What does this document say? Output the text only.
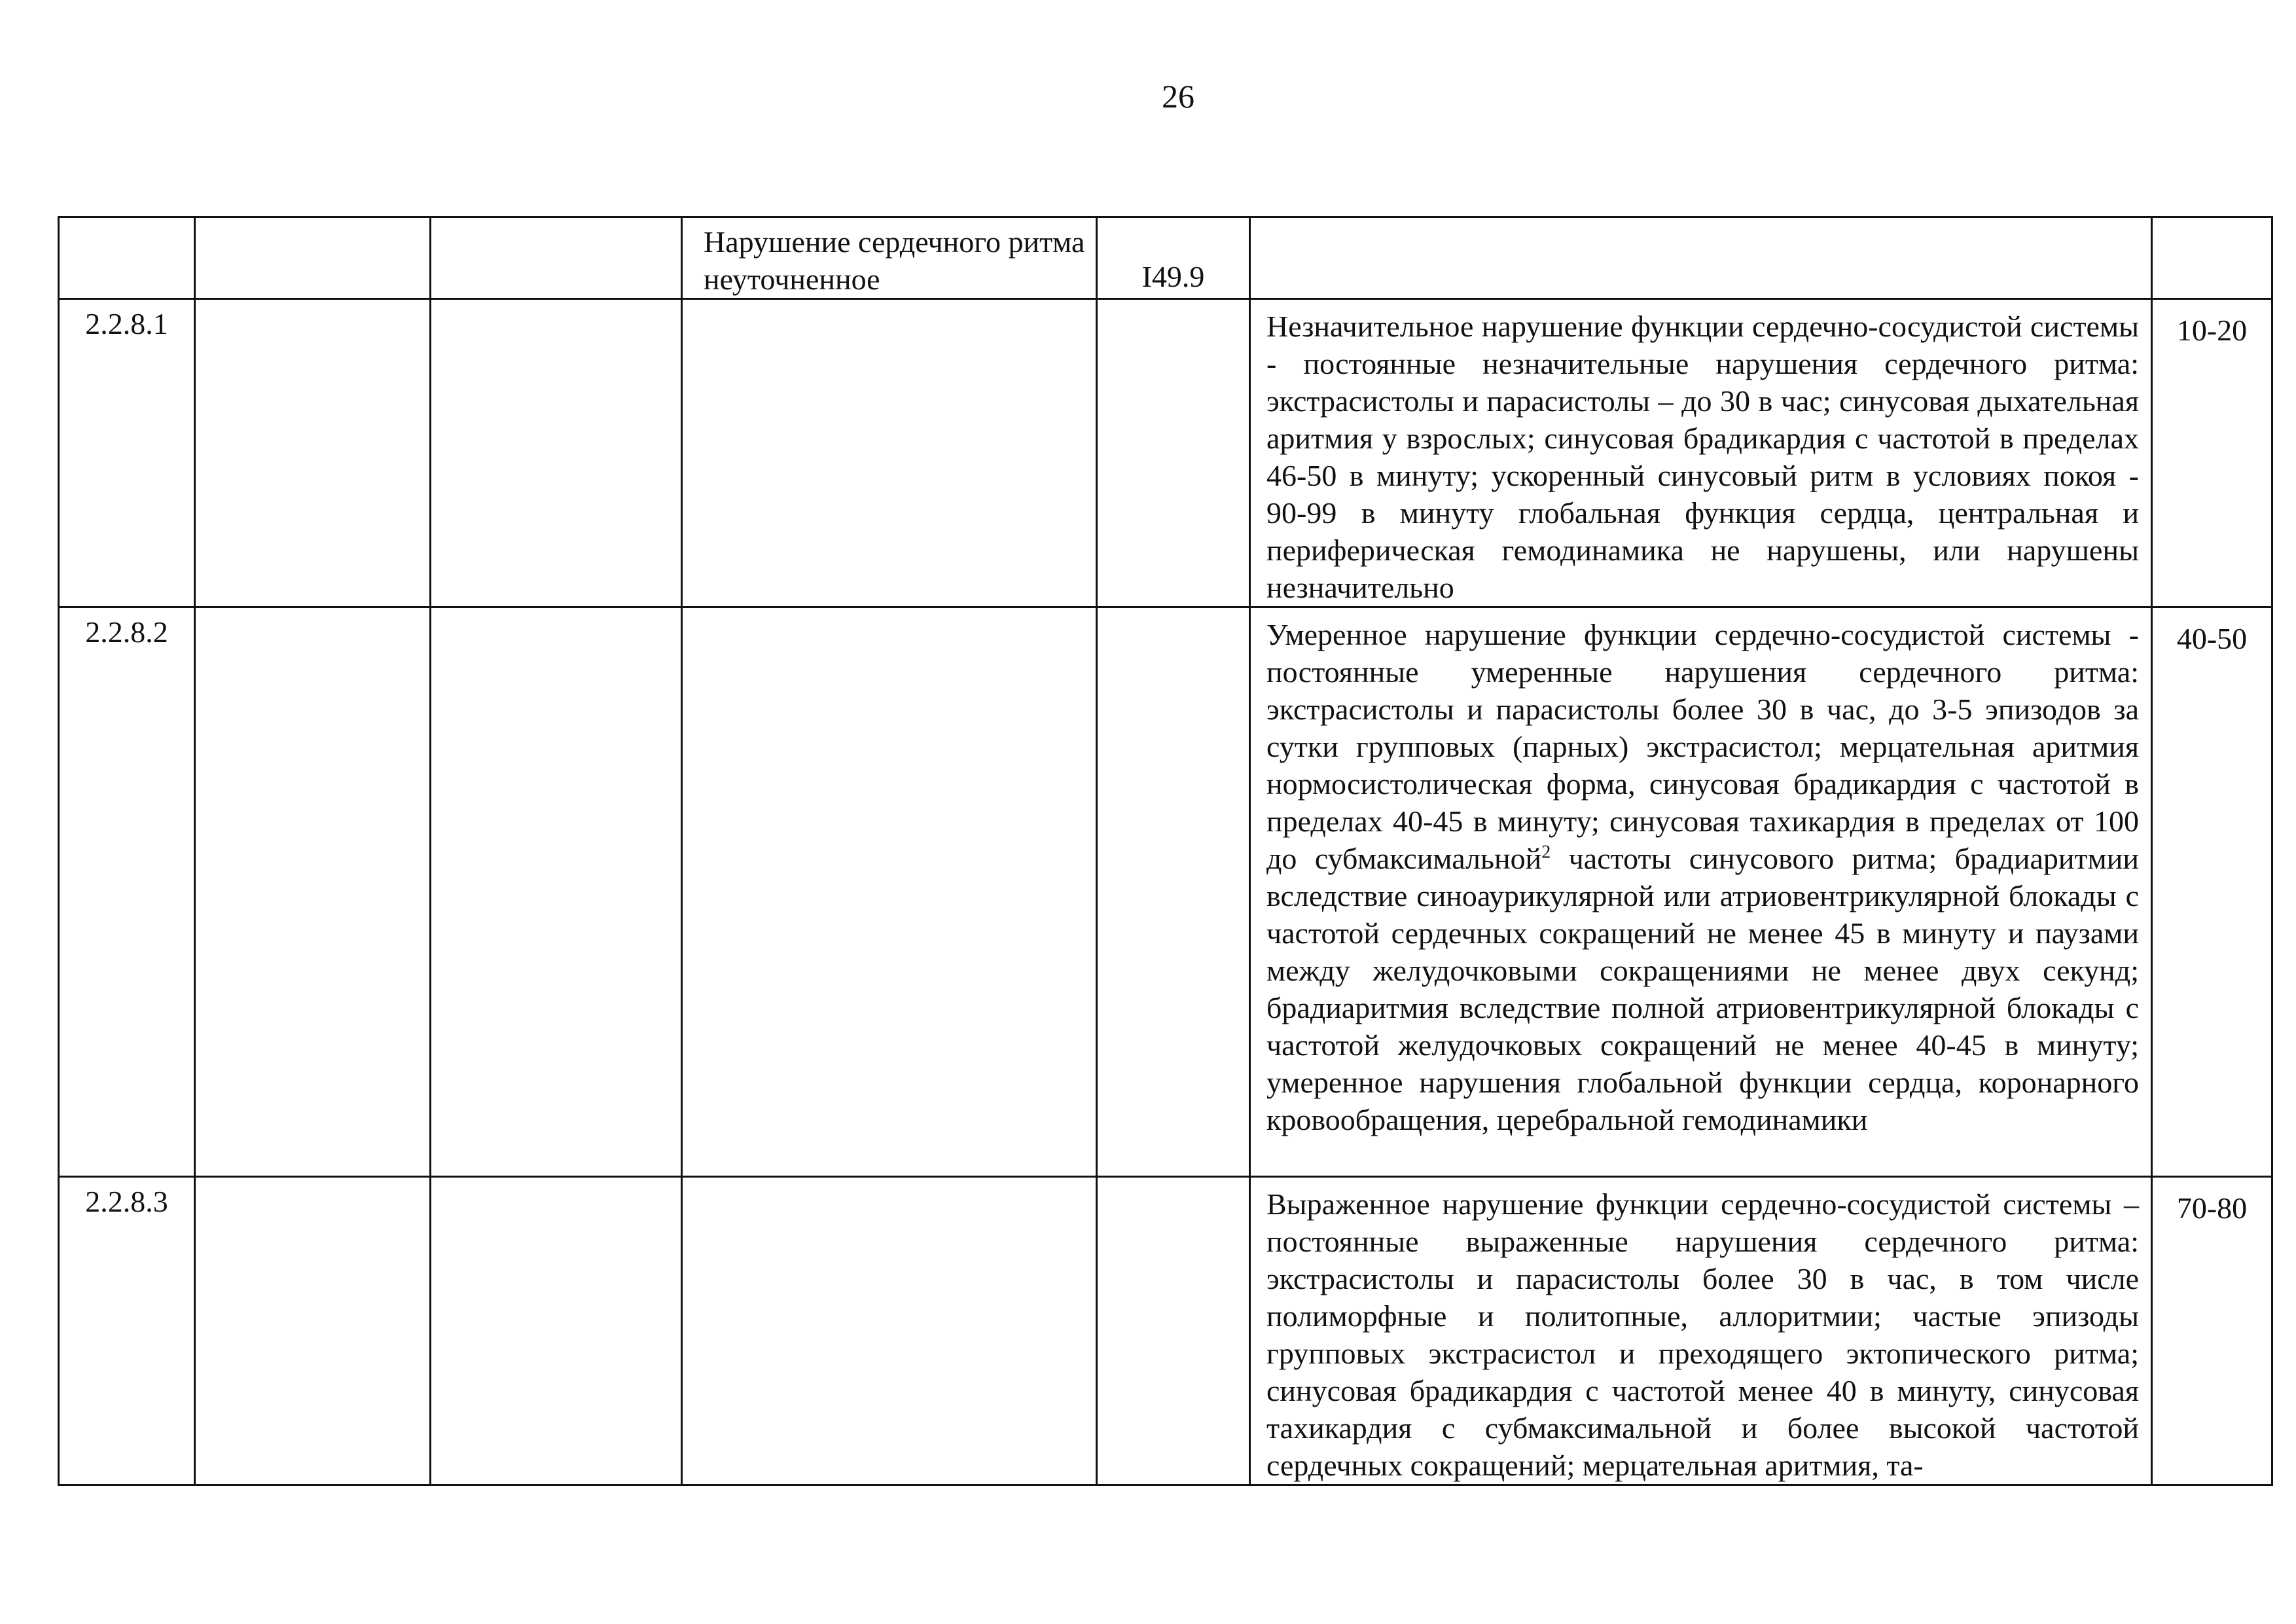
26
			Нарушение сердечного ритма неуточненное	I49.9		
2.2.8.1					Незначительное нарушение функции сердечно-сосудистой системы - постоянные незначительные нарушения сердечного ритма: экстрасистолы и парасистолы – до 30 в час; синусовая дыхательная аритмия у взрослых; синусовая брадикардия с частотой в пределах 46-50 в минуту; ускоренный синусовый ритм в условиях покоя - 90-99 в минуту глобальная функция сердца, центральная и периферическая гемодинамика не нарушены, или нарушены незначительно	10-20
2.2.8.2					Умеренное нарушение функции сердечно-сосудистой системы - постоянные умеренные нарушения сердечного ритма: экстрасистолы и парасистолы более 30 в час, до 3-5 эпизодов за сутки групповых (парных) экстрасистол; мерцательная аритмия нормосистолическая форма, синусовая брадикардия с частотой в пределах 40-45 в минуту; синусовая тахикардия в пределах от 100 до субмаксимальной$^2$ частоты синусового ритма; брадиаритмии вследствие синоаурикулярной или атриовентрикулярной блокады с частотой сердечных сокращений не менее 45 в минуту и паузами между желудочковыми сокращениями не менее двух секунд; брадиаритмия вследствие полной атриовентрикулярной блокады с частотой желудочковых сокращений не менее 40-45 в минуту; умеренное нарушения глобальной функции сердца, коронарного кровообращения, церебральной гемодинамики	40-50
2.2.8.3					Выраженное нарушение функции сердечно-сосудистой системы – постоянные выраженные нарушения сердечного ритма: экстрасистолы и парасистолы более 30 в час, в том числе полиморфные и политопные, аллоритмии; частые эпизоды групповых экстрасистол и преходящего эктопического ритма; синусовая брадикардия с частотой менее 40 в минуту, синусовая тахикардия с субмаксимальной и более высокой частотой сердечных сокращений; мерцательная аритмия, та-	70-80
